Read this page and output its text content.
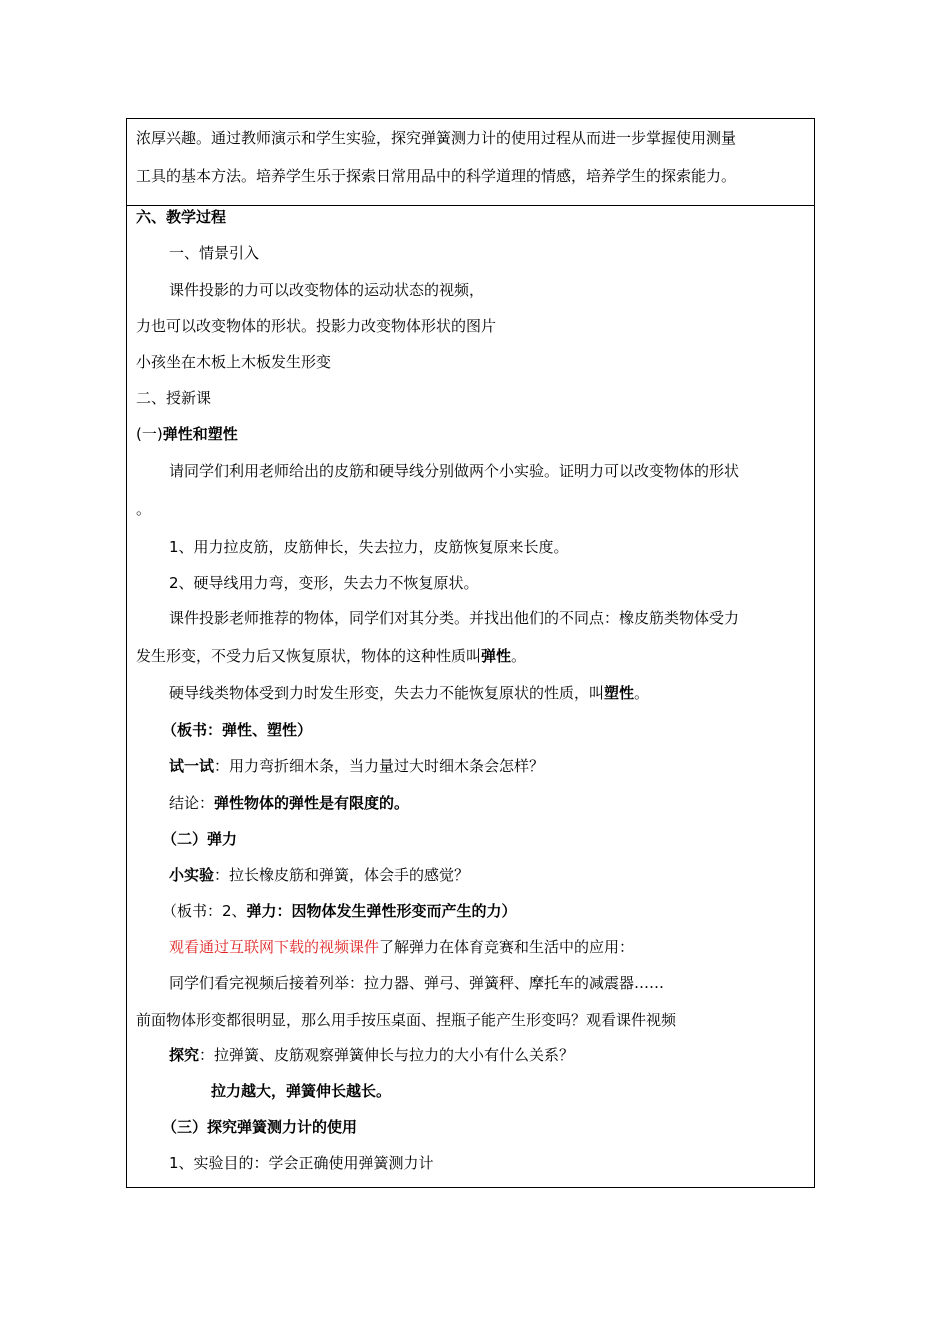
浓厚兴趣。通过教师演示和学生实验，探究弹簧测力计的使用过程从而进一步掌握使用测量
工具的基本方法。培养学生乐于探索日常用品中的科学道理的情感，培养学生的探索能力。
六、教学过程
一、情景引入
课件投影的力可以改变物体的运动状态的视频，
力也可以改变物体的形状。投影力改变物体形状的图片
小孩坐在木板上木板发生形变
二、授新课
(一)弹性和塑性
请同学们利用老师给出的皮筋和硬导线分别做两个小实验。证明力可以改变物体的形状
。
1、用力拉皮筋，皮筋伸长，失去拉力，皮筋恢复原来长度。
2、硬导线用力弯，变形，失去力不恢复原状。
课件投影老师推荐的物体，同学们对其分类。并找出他们的不同点：橡皮筋类物体受力
发生形变，不受力后又恢复原状，物体的这种性质叫弹性。
硬导线类物体受到力时发生形变，失去力不能恢复原状的性质，叫塑性。
（板书：弹性、塑性）
试一试：用力弯折细木条，当力量过大时细木条会怎样？
结论：弹性物体的弹性是有限度的。
（二）弹力
小实验：拉长橡皮筋和弹簧，体会手的感觉？
（板书：2、弹力：因物体发生弹性形变而产生的力）
观看通过互联网下载的视频课件了解弹力在体育竞赛和生活中的应用：
同学们看完视频后接着列举：拉力器、弹弓、弹簧秤、摩托车的减震器……
前面物体形变都很明显，那么用手按压桌面、捏瓶子能产生形变吗？观看课件视频
探究：拉弹簧、皮筋观察弹簧伸长与拉力的大小有什么关系？
拉力越大，弹簧伸长越长。
（三）探究弹簧测力计的使用
1、实验目的：学会正确使用弹簧测力计
